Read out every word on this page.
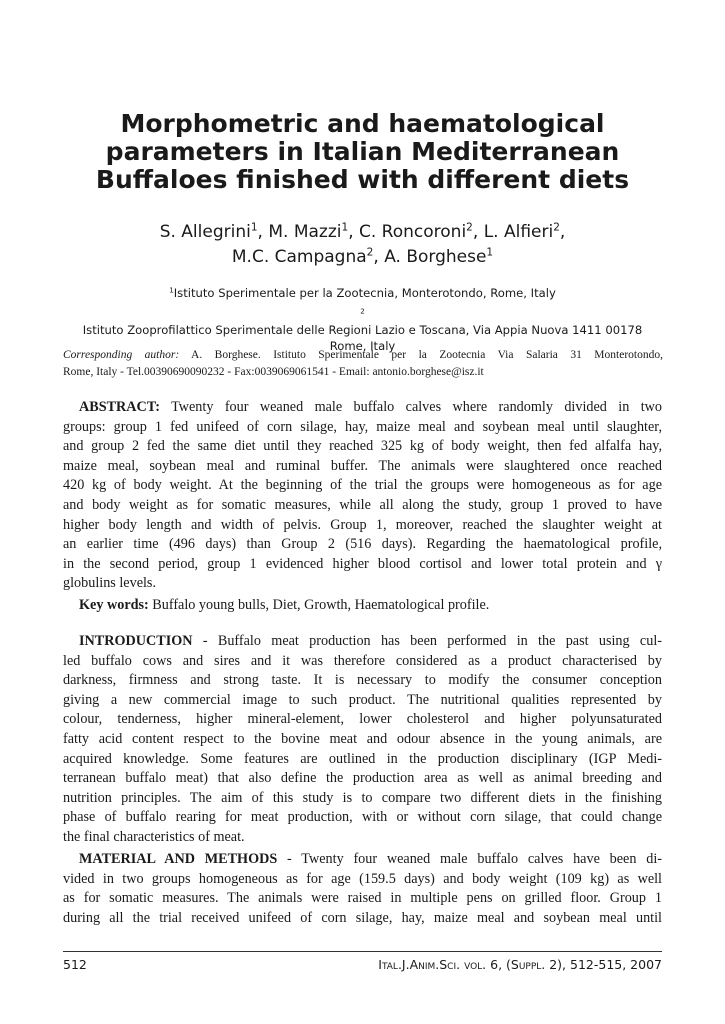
Morphometric and haematological
parameters in Italian Mediterranean
Buffaloes finished with different diets
S. Allegrini$^1$, M. Mazzi$^1$, C. Roncoroni$^2$, L. Alfieri$^2$,
M.C. Campagna$^2$, A. Borghese$^1$
$^1$Istituto Sperimentale per la Zootecnia, Monterotondo, Rome, Italy
$^2$
Istituto Zooprofilattico Sperimentale delle Regioni Lazio e Toscana, Via Appia Nuova 1411 00178
Rome, Italy
Corresponding author: A. Borghese. Istituto Sperimentale per la Zootecnia Via Salaria 31 Monterotondo,
Rome, Italy - Tel.00390690090232 - Fax:0039069061541 - Email: antonio.borghese@isz.it
ABSTRACT: Twenty four weaned male buffalo calves where randomly divided in two
groups: group 1 fed unifeed of corn silage, hay, maize meal and soybean meal until slaughter,
and group 2 fed the same diet until they reached 325 kg of body weight, then fed alfalfa hay,
maize meal, soybean meal and ruminal buffer. The animals were slaughtered once reached
420 kg of body weight. At the beginning of the trial the groups were homogeneous as for age
and body weight as for somatic measures, while all along the study, group 1 proved to have
higher body length and width of pelvis. Group 1, moreover, reached the slaughter weight at
an earlier time (496 days) than Group 2 (516 days). Regarding the haematological profile,
in the second period, group 1 evidenced higher blood cortisol and lower total protein and γ
globulins levels.
Key words: Buffalo young bulls, Diet, Growth, Haematological profile.
INTRODUCTION - Buffalo meat production has been performed in the past using cul-
led buffalo cows and sires and it was therefore considered as a product characterised by
darkness, firmness and strong taste. It is necessary to modify the consumer conception
giving a new commercial image to such product. The nutritional qualities represented by
colour, tenderness, higher mineral-element, lower cholesterol and higher polyunsaturated
fatty acid content respect to the bovine meat and odour absence in the young animals, are
acquired knowledge. Some features are outlined in the production disciplinary (IGP Medi-
terranean buffalo meat) that also define the production area as well as animal breeding and
nutrition principles. The aim of this study is to compare two different diets in the finishing
phase of buffalo rearing for meat production, with or without corn silage, that could change
the final characteristics of meat.
MATERIAL AND METHODS - Twenty four weaned male buffalo calves have been di-
vided in two groups homogeneous as for age (159.5 days) and body weight (109 kg) as well
as for somatic measures. The animals were raised in multiple pens on grilled floor. Group 1
during all the trial received unifeed of corn silage, hay, maize meal and soybean meal until
512	Ital.J.Anim.Sci. vol. 6, (Suppl. 2), 512-515, 2007
